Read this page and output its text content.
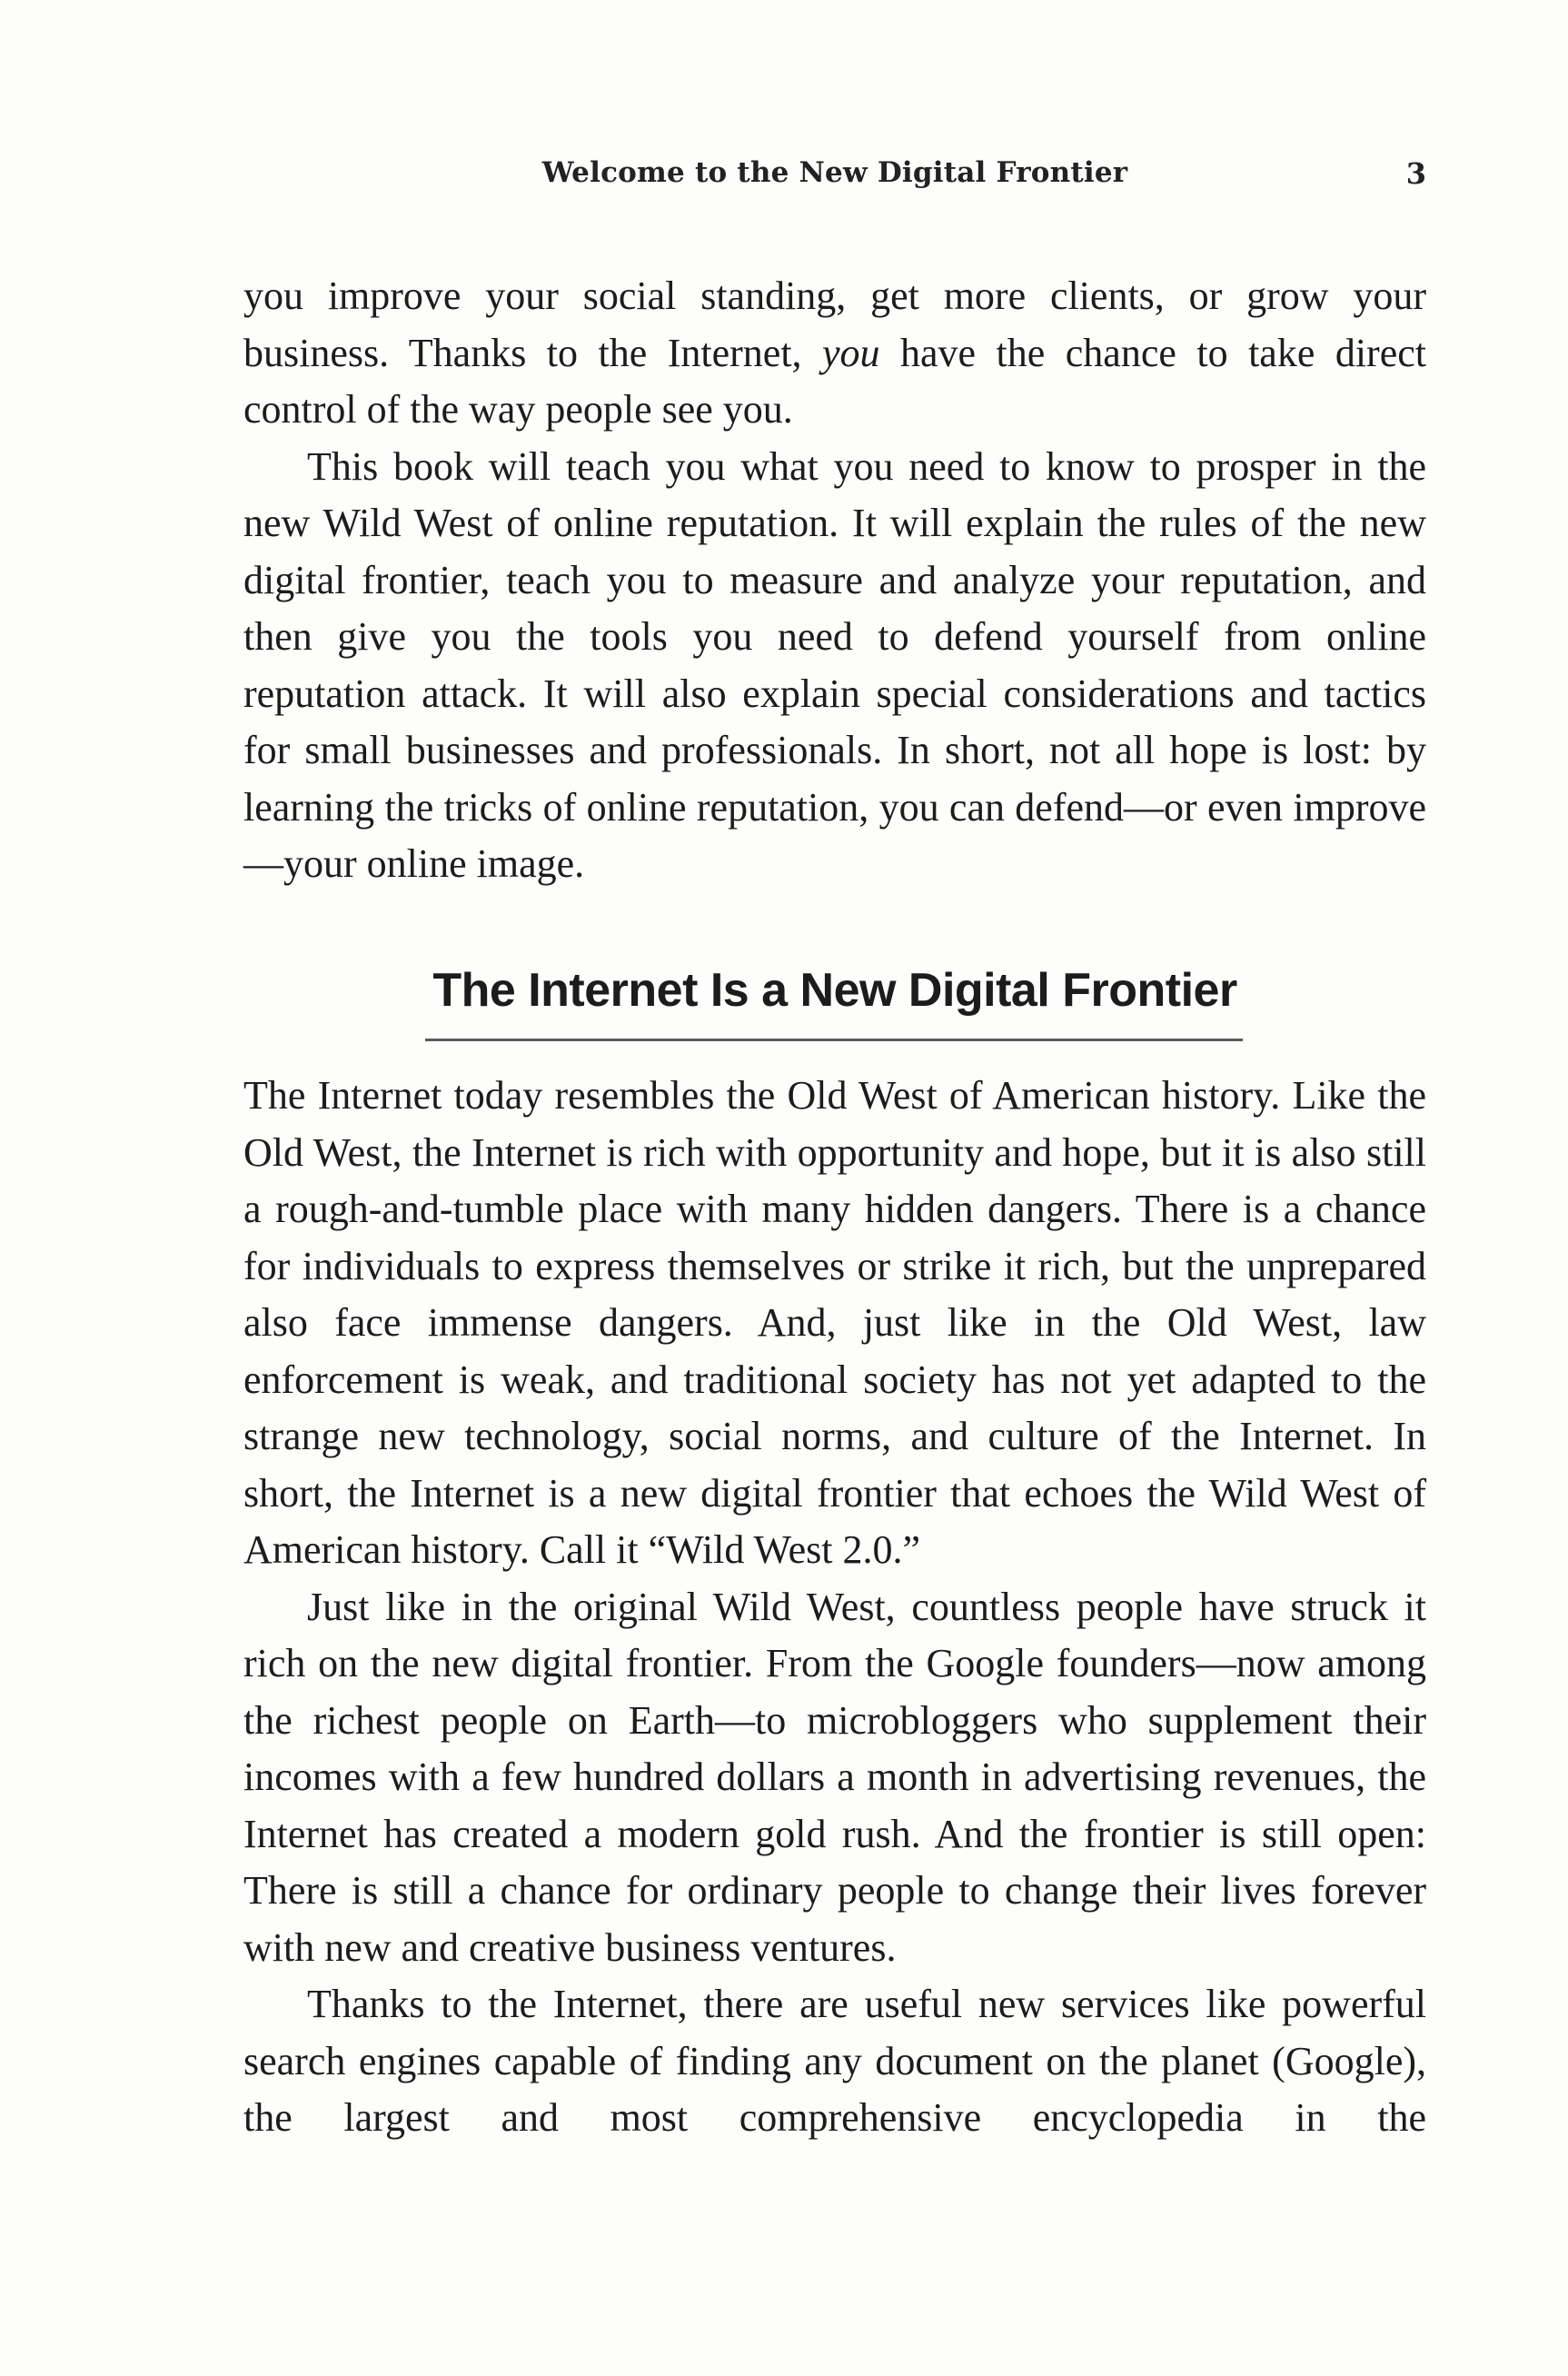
Welcome to the New Digital Frontier	3

you improve your social standing, get more clients, or grow your business. Thanks to the Internet, you have the chance to take direct control of the way people see you.

This book will teach you what you need to know to prosper in the new Wild West of online reputation. It will explain the rules of the new digital frontier, teach you to measure and analyze your reputation, and then give you the tools you need to defend yourself from online reputation attack. It will also explain special considerations and tactics for small businesses and professionals. In short, not all hope is lost: by learning the tricks of online reputation, you can defend—or even improve—your online image.

The Internet Is a New Digital Frontier

The Internet today resembles the Old West of American history. Like the Old West, the Internet is rich with opportunity and hope, but it is also still a rough-and-tumble place with many hidden dangers. There is a chance for individuals to express themselves or strike it rich, but the unprepared also face immense dangers. And, just like in the Old West, law enforcement is weak, and traditional society has not yet adapted to the strange new technology, social norms, and culture of the Internet. In short, the Internet is a new digital frontier that echoes the Wild West of American history. Call it “Wild West 2.0.”

Just like in the original Wild West, countless people have struck it rich on the new digital frontier. From the Google founders—now among the richest people on Earth—to microbloggers who supplement their incomes with a few hundred dollars a month in advertising revenues, the Internet has created a modern gold rush. And the frontier is still open: There is still a chance for ordinary people to change their lives forever with new and creative business ventures.

Thanks to the Internet, there are useful new services like powerful search engines capable of finding any document on the planet (Google), the largest and most comprehensive encyclopedia in the
